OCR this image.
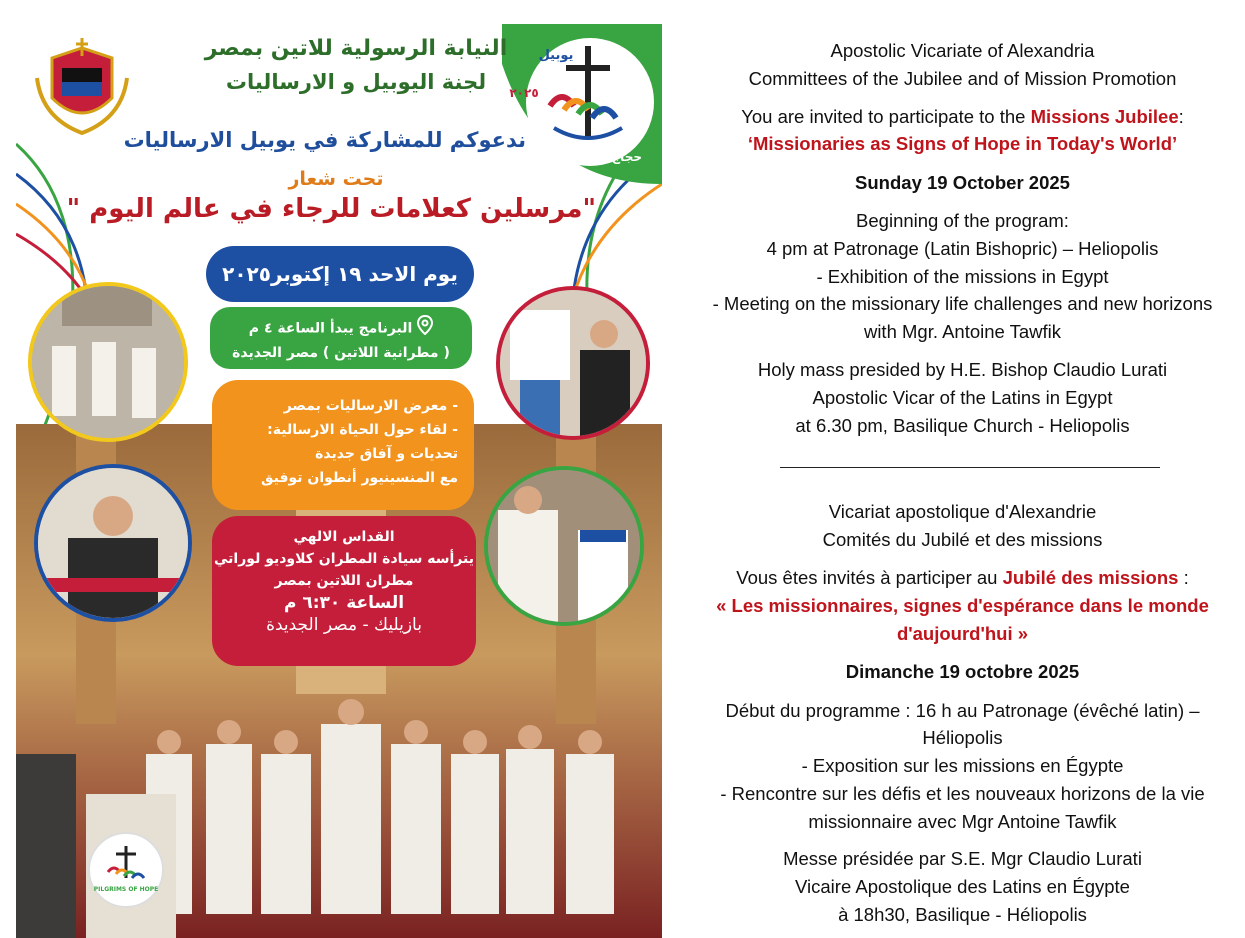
يوبيل
٢٠٢٥
حجاج الرجاء
النيابة الرسولية للاتين بمصر
لجنة اليوبيل و الارساليات
ندعوكم للمشاركة في يوبيل الارساليات
تحت شعار
"مرسلين كعلامات للرجاء في عالم اليوم "
يوم الاحد ١٩ إكتوبر٢٠٢٥
البرنامج يبدأ الساعة ٤ م
( مطرانية اللاتين ) مصر الجديدة
- معرض الارساليات بمصر
- لقاء حول الحياة الارسالية:
تحديات و آفاق جديدة
مع المنسينيور أنطوان توفيق
القداس الالهي
يترأسه سيادة المطران كلاوديو لوراتي
مطران اللاتين بمصر
الساعة ٦:٣٠ م
بازيليك - مصر الجديدة
PILGRIMS OF HOPE
Apostolic Vicariate of Alexandria
Committees of the Jubilee and of Mission Promotion
You are invited to participate to the Missions Jubilee:
‘Missionaries as Signs of Hope in Today's World’
Sunday 19 October 2025
Beginning of the program:
4 pm at Patronage (Latin Bishopric) – Heliopolis
- Exhibition of the missions in Egypt
- Meeting on the missionary life challenges and new horizons
with Mgr. Antoine Tawfik
Holy mass presided by H.E. Bishop Claudio Lurati
Apostolic Vicar of the Latins in Egypt
at 6.30 pm, Basilique Church - Heliopolis
Vicariat apostolique d'Alexandrie
Comités du Jubilé et des missions
Vous êtes invités à participer au Jubilé des missions :
« Les missionnaires, signes d'espérance dans le monde
d'aujourd'hui »
Dimanche 19 octobre 2025
Début du programme : 16 h au Patronage (évêché latin) –
Héliopolis
- Exposition sur les missions en Égypte
- Rencontre sur les défis et les nouveaux horizons de la vie
missionnaire avec Mgr Antoine Tawfik
Messe présidée par S.E. Mgr Claudio Lurati
Vicaire Apostolique des Latins en Égypte
à 18h30, Basilique - Héliopolis
